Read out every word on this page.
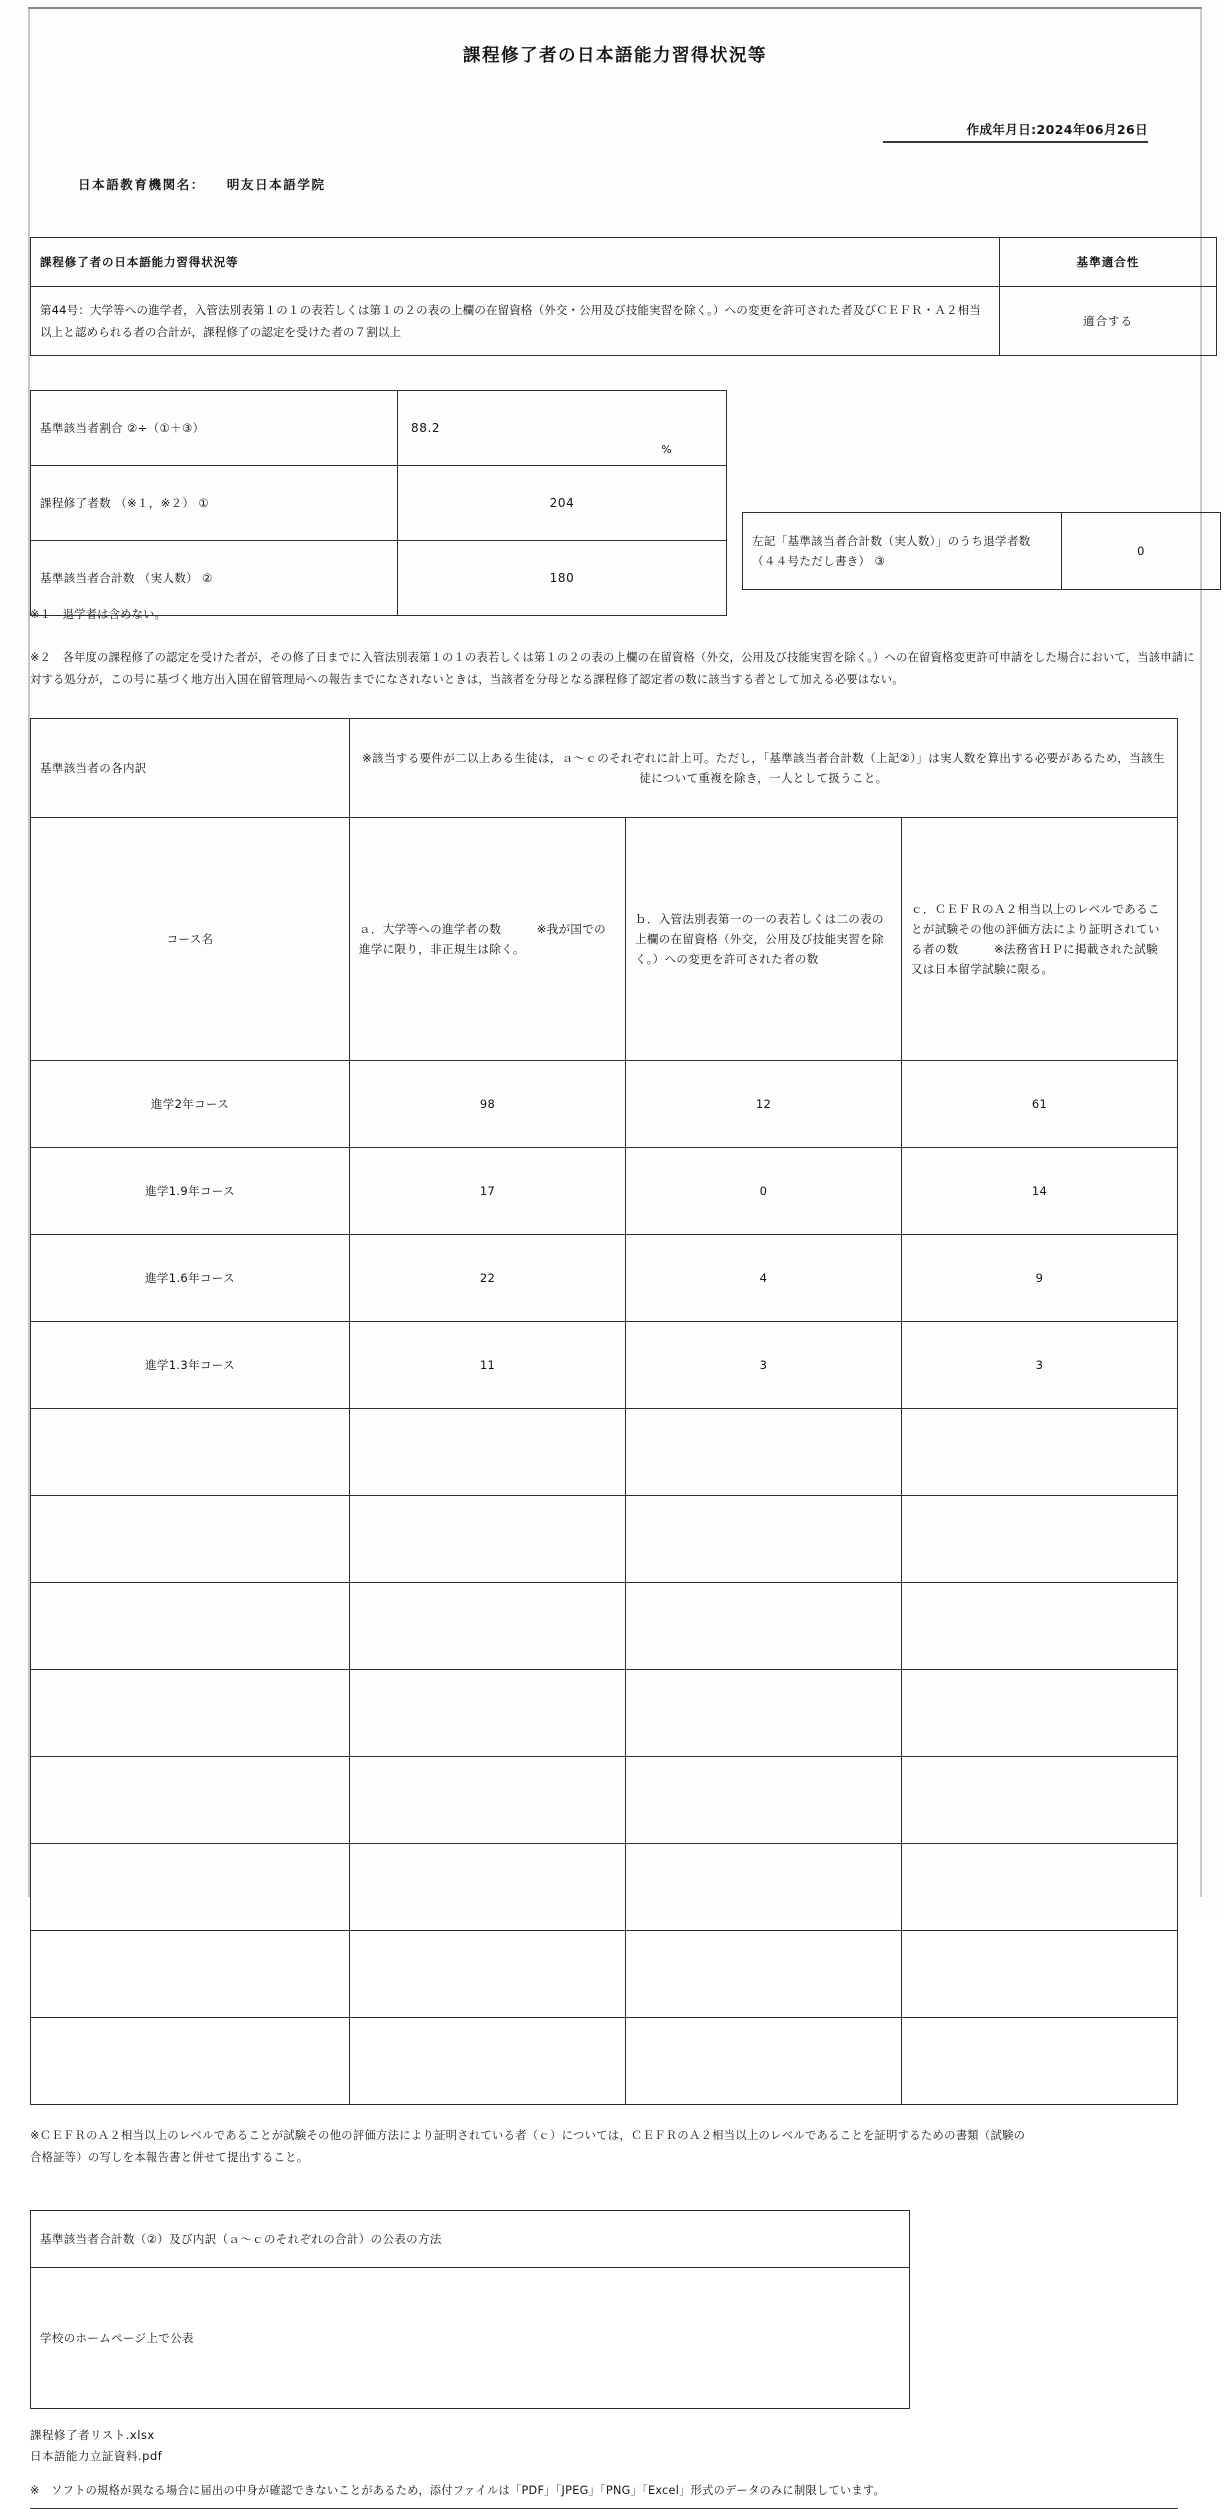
課程修了者の日本語能力習得状況等
作成年月日:2024年06月26日
日本語教育機関名： 明友日本語学院
課程修了者の日本語能力習得状況等	基準適合性
第44号：大学等への進学者，入管法別表第１の１の表若しくは第１の２の表の上欄の在留資格（外交・公用及び技能実習を除く。）への変更を許可された者及びＣＥＦＲ・Ａ２相当以上と認められる者の合計が，課程修了の認定を受けた者の７割以上	適合する
基準該当者割合 ②÷（①＋③）	88.2
%

課程修了者数 （※１，※２） ①	204

基準該当者合計数 （実人数） ②	180
左記「基準該当者合計数（実人数）」のうち退学者数（４４号ただし書き） ③	0
※１　退学者は含めない。
※２　各年度の課程修了の認定を受けた者が，その修了日までに入管法別表第１の１の表若しくは第１の２の表の上欄の在留資格（外交，公用及び技能実習を除く。）への在留資格変更許可申請をした場合において，当該申請に対する処分が，この号に基づく地方出入国在留管理局への報告までになされないときは，当該者を分母となる課程修了認定者の数に該当する者として加える必要はない。
基準該当者の各内訳	※該当する要件が二以上ある生徒は，ａ〜ｃのそれぞれに計上可。ただし，「基準該当者合計数（上記②）」は実人数を算出する必要があるため，当該生徒について重複を除き，一人として扱うこと。		
コース名	ａ．大学等への進学者の数　　　※我が国での進学に限り，非正規生は除く。	ｂ．入管法別表第一の一の表若しくは二の表の上欄の在留資格（外交，公用及び技能実習を除く。）への変更を許可された者の数	ｃ．ＣＥＦＲのＡ２相当以上のレベルであることが試験その他の評価方法により証明されている者の数　　　※法務省ＨＰに掲載された試験又は日本留学試験に限る。
進学2年コース	98	12	61
進学1.9年コース	17	0	14
進学1.6年コース	22	4	9
進学1.3年コース	11	3	3

※ＣＥＦＲのＡ２相当以上のレベルであることが試験その他の評価方法により証明されている者（ｃ）については，ＣＥＦＲのＡ２相当以上のレベルであることを証明するための書類（試験の合格証等）の写しを本報告書と併せて提出すること。
基準該当者合計数（②）及び内訳（ａ〜ｃのそれぞれの合計）の公表の方法
学校のホームページ上で公表
課程修了者リスト.xlsx
日本語能力立証資料.pdf
※　ソフトの規格が異なる場合に届出の中身が確認できないことがあるため，添付ファイルは「PDF」「JPEG」「PNG」「Excel」形式のデータのみに制限しています。
